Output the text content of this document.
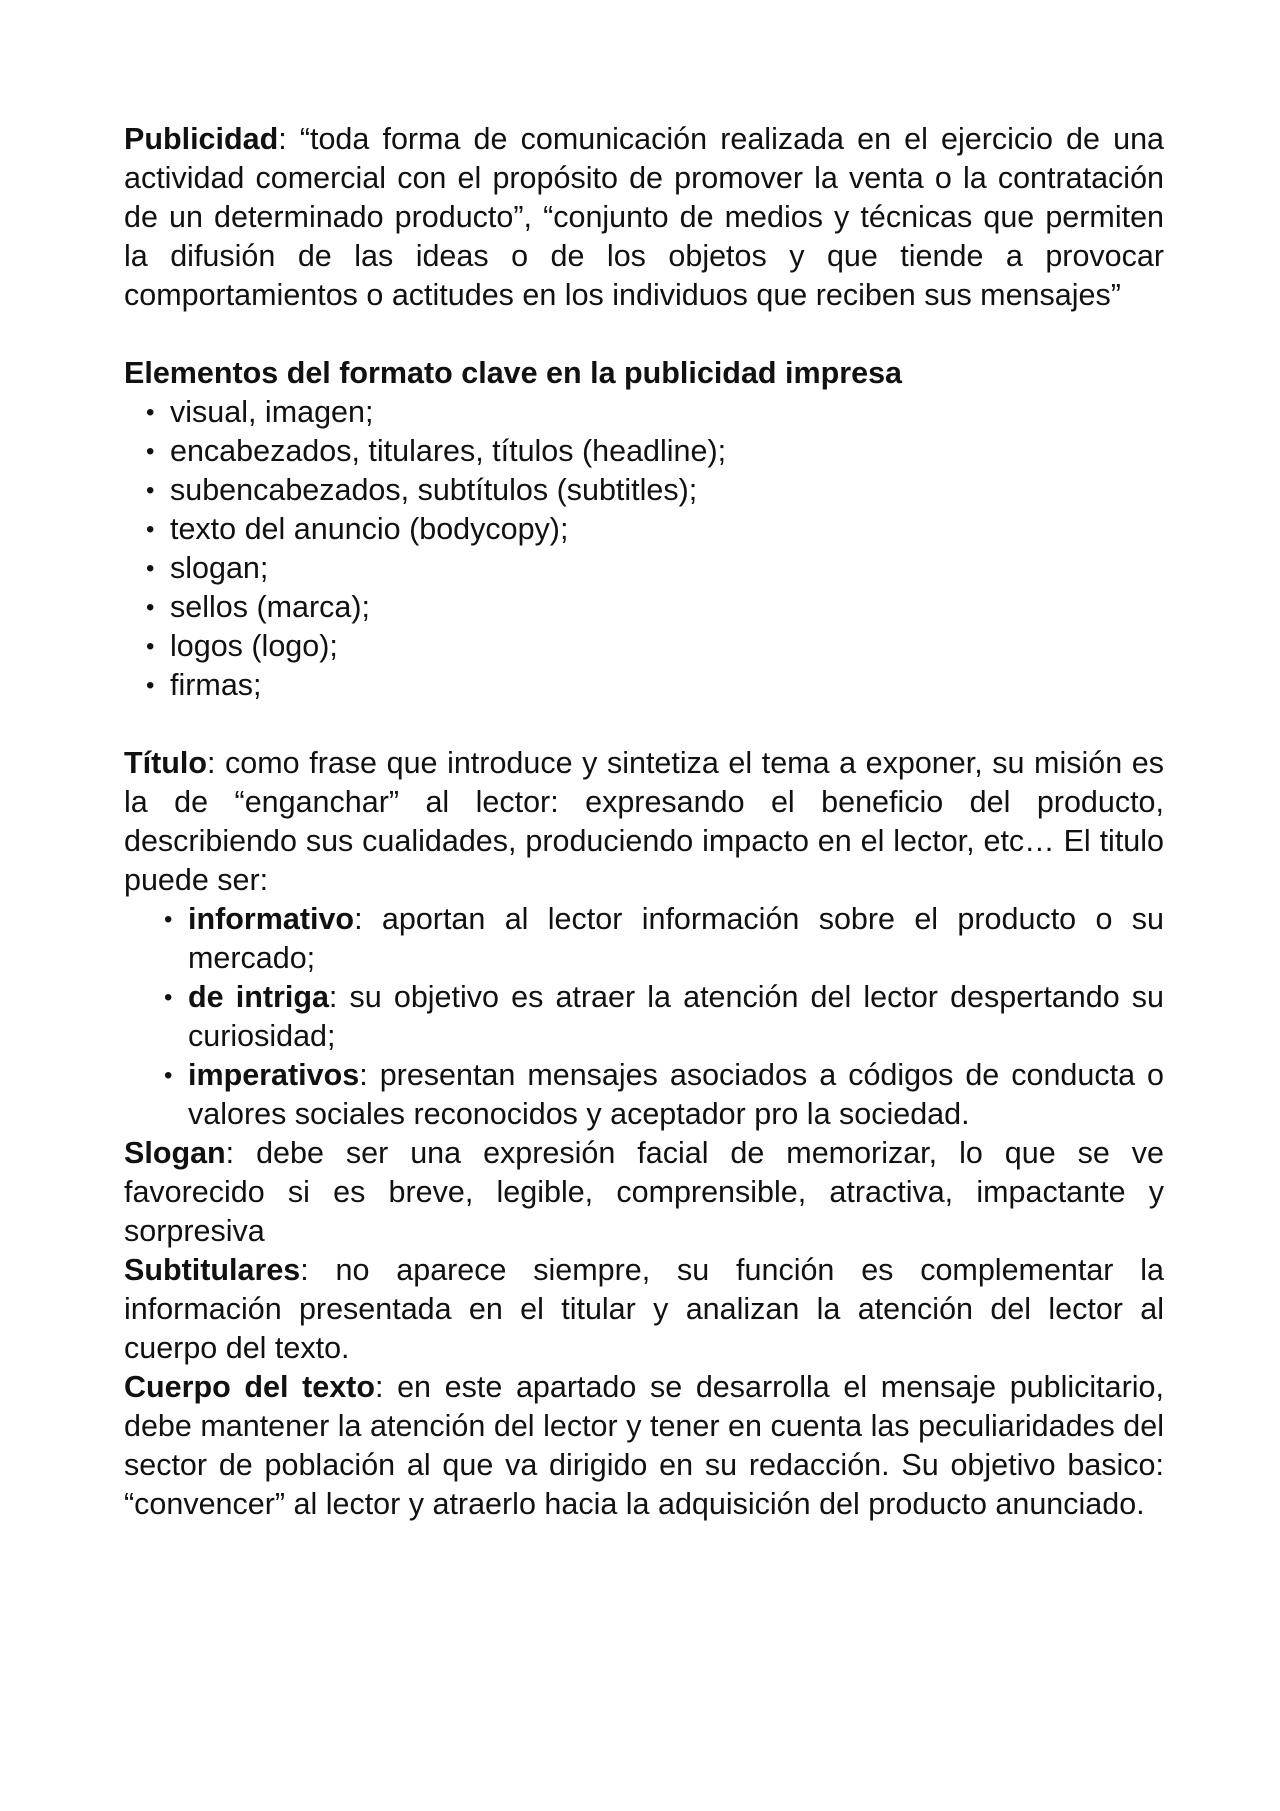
Publicidad: “toda forma de comunicación realizada en el ejercicio de una actividad comercial con el propósito de promover la venta o la contratación de un determinado producto”, “conjunto de medios y técnicas que permiten la difusión de las ideas o de los objetos y que tiende a provocar comportamientos o actitudes en los individuos que reciben sus mensajes”

Elementos del formato clave en la publicidad impresa

• visual, imagen;
• encabezados, titulares, títulos (headline);
• subencabezados, subtítulos (subtitles);
• texto del anuncio (bodycopy);
• slogan;
• sellos (marca);
• logos (logo);
• firmas;

Título: como frase que introduce y sintetiza el tema a exponer, su misión es la de “enganchar” al lector: expresando el beneficio del producto, describiendo sus cualidades, produciendo impacto en el lector, etc… El titulo puede ser:

• informativo: aportan al lector información sobre el producto o su mercado;
• de intriga: su objetivo es atraer la atención del lector despertando su curiosidad;
• imperativos: presentan mensajes asociados a códigos de conducta o valores sociales reconocidos y aceptador pro la sociedad.

Slogan: debe ser una expresión facial de memorizar, lo que se ve favorecido si es breve, legible, comprensible, atractiva, impactante y sorpresiva

Subtitulares: no aparece siempre, su función es complementar la información presentada en el titular y analizan la atención del lector al cuerpo del texto.

Cuerpo del texto: en este apartado se desarrolla el mensaje publicitario, debe mantener la atención del lector y tener en cuenta las peculiaridades del sector de población al que va dirigido en su redacción. Su objetivo basico: “convencer” al lector y atraerlo hacia la adquisición del producto anunciado.
